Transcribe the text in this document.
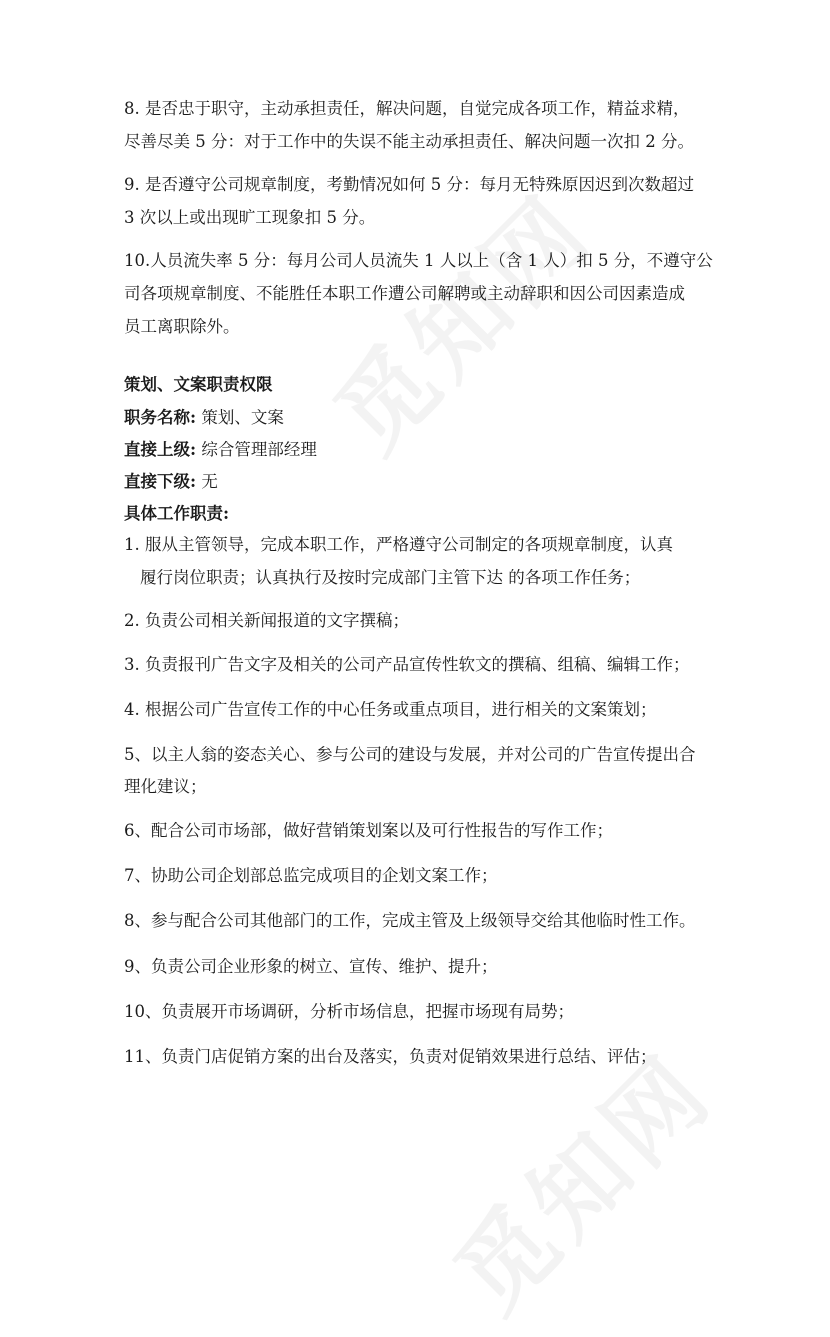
8. 是否忠于职守，主动承担责任，解决问题，自觉完成各项工作，精益求精，
尽善尽美 5 分：对于工作中的失误不能主动承担责任、解决问题一次扣 2 分。
9. 是否遵守公司规章制度，考勤情况如何 5 分：每月无特殊原因迟到次数超过
3 次以上或出现旷工现象扣 5 分。
10.人员流失率 5 分：每月公司人员流失 1 人以上（含 1 人）扣 5 分，不遵守公
司各项规章制度、不能胜任本职工作遭公司解聘或主动辞职和因公司因素造成
员工离职除外。
策划、文案职责权限
职务名称: 策划、文案
直接上级: 综合管理部经理
直接下级: 无
具体工作职责:
1. 服从主管领导，完成本职工作，严格遵守公司制定的各项规章制度，认真
履行岗位职责；认真执行及按时完成部门主管下达 的各项工作任务；
2. 负责公司相关新闻报道的文字撰稿；
3. 负责报刊广告文字及相关的公司产品宣传性软文的撰稿、组稿、编辑工作；
4. 根据公司广告宣传工作的中心任务或重点项目，进行相关的文案策划；
5、以主人翁的姿态关心、参与公司的建设与发展，并对公司的广告宣传提出合
理化建议；
6、配合公司市场部，做好营销策划案以及可行性报告的写作工作；
7、协助公司企划部总监完成项目的企划文案工作；
8、参与配合公司其他部门的工作，完成主管及上级领导交给其他临时性工作。
9、负责公司企业形象的树立、宣传、维护、提升；
10、负责展开市场调研，分析市场信息，把握市场现有局势；
11、负责门店促销方案的出台及落实，负责对促销效果进行总结、评估；
